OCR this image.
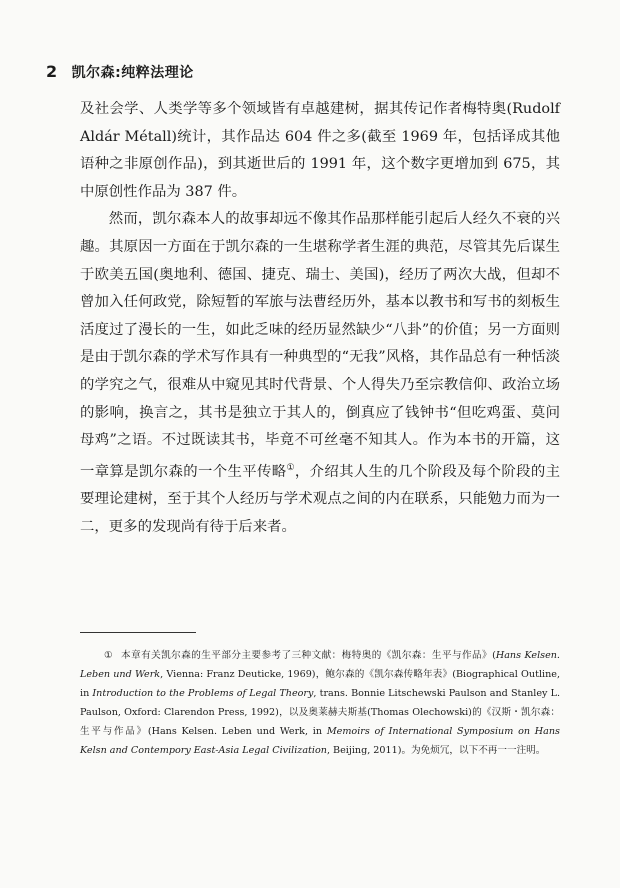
2 凯尔森:纯粹法理论

及社会学、人类学等多个领域皆有卓越建树，据其传记作者梅特奥(Rudolf Aldár Métall)统计，其作品达 604 件之多(截至 1969 年，包括译成其他语种之非原创作品)，到其逝世后的 1991 年，这个数字更增加到 675，其中原创性作品为 387 件。

然而，凯尔森本人的故事却远不像其作品那样能引起后人经久不衰的兴趣。其原因一方面在于凯尔森的一生堪称学者生涯的典范，尽管其先后谋生于欧美五国(奥地利、德国、捷克、瑞士、美国)，经历了两次大战，但却不曾加入任何政党，除短暂的军旅与法曹经历外，基本以教书和写书的刻板生活度过了漫长的一生，如此乏味的经历显然缺少“八卦”的价值；另一方面则是由于凯尔森的学术写作具有一种典型的“无我”风格，其作品总有一种恬淡的学究之气，很难从中窥见其时代背景、个人得失乃至宗教信仰、政治立场的影响，换言之，其书是独立于其人的，倒真应了钱钟书“但吃鸡蛋、莫问母鸡”之语。不过既读其书，毕竟不可丝毫不知其人。作为本书的开篇，这一章算是凯尔森的一个生平传略①，介绍其人生的几个阶段及每个阶段的主要理论建树，至于其个人经历与学术观点之间的内在联系，只能勉力而为一二，更多的发现尚有待于后来者。

① 本章有关凯尔森的生平部分主要参考了三种文献：梅特奥的《凯尔森：生平与作品》(Hans Kelsen. Leben und Werk, Vienna: Franz Deuticke, 1969)，鲍尔森的《凯尔森传略年表》(Biographical Outline, in Introduction to the Problems of Legal Theory, trans. Bonnie Litschewski Paulson and Stanley L. Paulson, Oxford: Clarendon Press, 1992)，以及奥莱赫夫斯基(Thomas Olechowski)的《汉斯・凯尔森：生平与作品》(Hans Kelsen. Leben und Werk, in Memoirs of International Symposium on Hans Kelsn and Contempory East-Asia Legal Civilization, Beijing, 2011)。为免烦冗，以下不再一一注明。
